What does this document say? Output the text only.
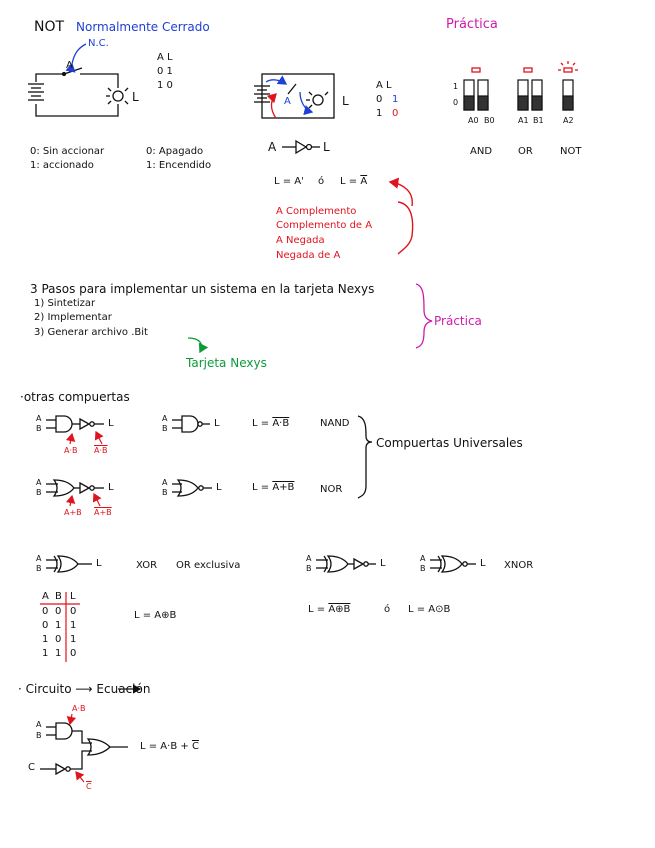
NOT Normalmente Cerrado
N.C.
A
L
A L
0 1
1 0
0: Sin accionar
1: accionado
0: Apagado
1: Encendido
Práctica
A	L
A L
0 1
1 0
1
0
A0 B0	A1 B1 A2
AND	OR	NOT
A	L
L = A' ó $L = \overline{A}$
A Complemento
Complemento de A
A Negada
Negada de A
3 Pasos para implementar un sistema en la tarjeta Nexys
1) Sintetizar
2) Implementar
3) Generar archivo .Bit
Práctica
Tarjeta Nexys
·otras compuertas
A
B	L
A·B A·B
A
B	L	L = A·B	NAND
Compuertas Universales
A
B	L
A+B A+B
A
B	L	L = A+B	NOR
A
B	L	XOR OR exclusiva
A
B	L	A
B	L XNOR
A B L
0 0 0
0 1 1
1 0 1
1 1 0
L = A⊕B
L = A⊕B	ó L = A⊙B
· Circuito ⟶ Ecuación
A
B
C
A·B
$\overline{C}$
$L = A\cdot B + \overline{C}$
